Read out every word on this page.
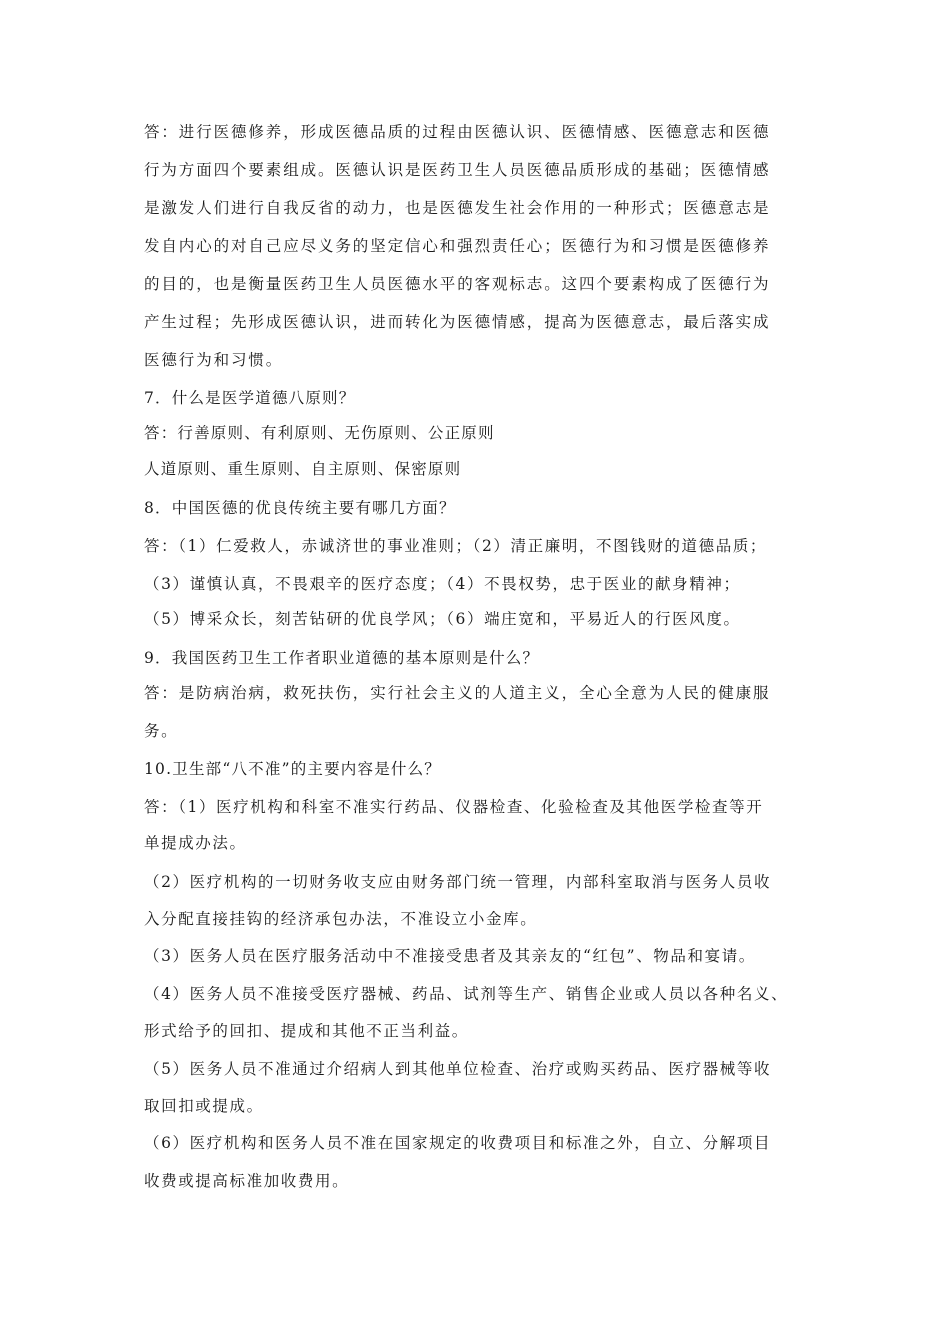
答：进行医德修养，形成医德品质的过程由医德认识、医德情感、医德意志和医德
行为方面四个要素组成。医德认识是医药卫生人员医德品质形成的基础；医德情感
是激发人们进行自我反省的动力，也是医德发生社会作用的一种形式；医德意志是
发自内心的对自己应尽义务的坚定信心和强烈责任心；医德行为和习惯是医德修养
的目的，也是衡量医药卫生人员医德水平的客观标志。这四个要素构成了医德行为
产生过程；先形成医德认识，进而转化为医德情感，提高为医德意志，最后落实成
医德行为和习惯。
7．什么是医学道德八原则？
答：行善原则、有利原则、无伤原则、公正原则
人道原则、重生原则、自主原则、保密原则
8．中国医德的优良传统主要有哪几方面？
答：（1）仁爱救人，赤诚济世的事业准则；（2）清正廉明，不图钱财的道德品质；
（3）谨慎认真，不畏艰辛的医疗态度；（4）不畏权势，忠于医业的献身精神；
（5）博采众长，刻苦钻研的优良学风；（6）端庄宽和，平易近人的行医风度。
9．我国医药卫生工作者职业道德的基本原则是什么？
答：是防病治病，救死扶伤，实行社会主义的人道主义，全心全意为人民的健康服
务。
10.卫生部“八不准”的主要内容是什么？
答：（1）医疗机构和科室不准实行药品、仪器检查、化验检查及其他医学检查等开
单提成办法。
（2）医疗机构的一切财务收支应由财务部门统一管理，内部科室取消与医务人员收
入分配直接挂钩的经济承包办法，不准设立小金库。
（3）医务人员在医疗服务活动中不准接受患者及其亲友的“红包”、物品和宴请。
（4）医务人员不准接受医疗器械、药品、试剂等生产、销售企业或人员以各种名义、
形式给予的回扣、提成和其他不正当利益。
（5）医务人员不准通过介绍病人到其他单位检查、治疗或购买药品、医疗器械等收
取回扣或提成。
（6）医疗机构和医务人员不准在国家规定的收费项目和标准之外，自立、分解项目
收费或提高标准加收费用。
